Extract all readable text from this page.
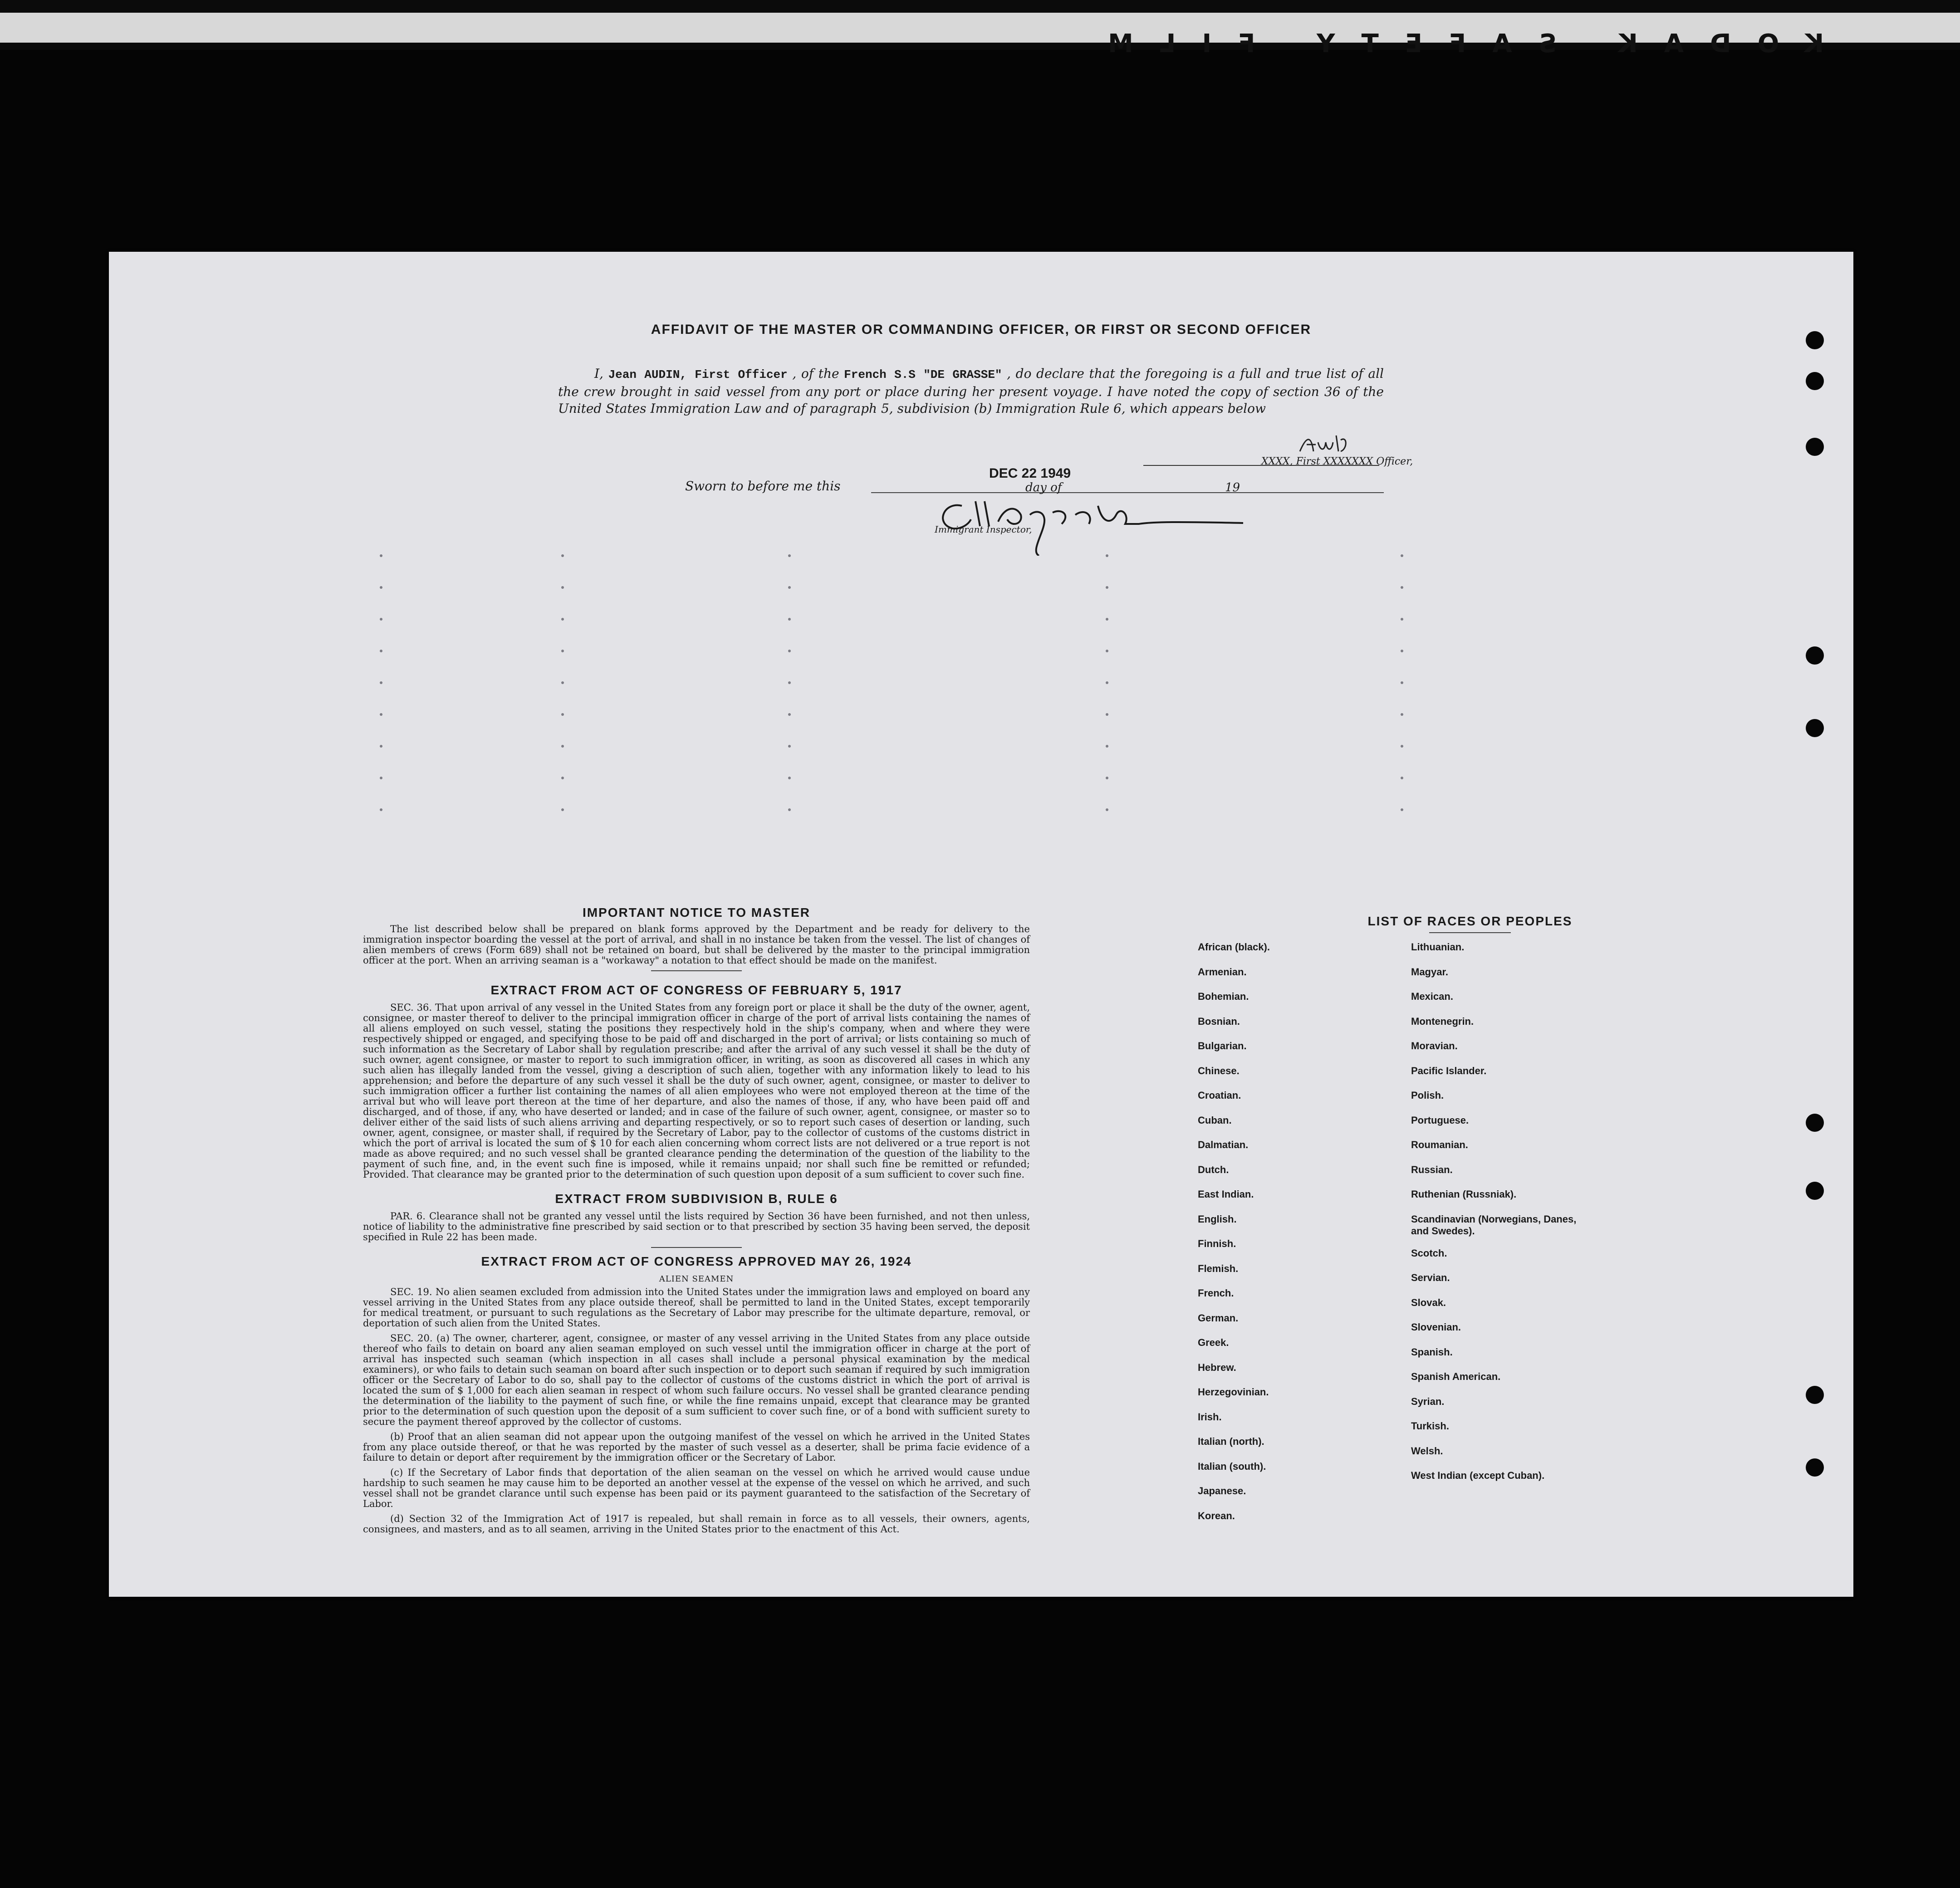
KODAK SAFETY FILM
AFFIDAVIT OF THE MASTER OR COMMANDING OFFICER, OR FIRST OR SECOND OFFICER
I, Jean AUDIN, First Officer , of the French S.S "DE GRASSE" , do declare that the foregoing is a full and true list of all the crew brought in said vessel from any port or place during her present voyage. I have noted the copy of section 36 of the United States Immigration Law and of paragraph 5, subdivision (b) Immigration Rule 6, which appears below
XXXX, First XXXXXXX Officer,
Sworn to before me this
DEC 22 1949
day of	19
Immigrant Inspector,
IMPORTANT NOTICE TO MASTER

The list described below shall be prepared on blank forms approved by the Department and be ready for delivery to the immigration inspector boarding the vessel at the port of arrival, and shall in no instance be taken from the vessel. The list of changes of alien members of crews (Form 689) shall not be retained on board, but shall be delivered by the master to the principal immigration officer at the port. When an arriving seaman is a "workaway" a notation to that effect should be made on the manifest.

EXTRACT FROM ACT OF CONGRESS OF FEBRUARY 5, 1917

SEC. 36. That upon arrival of any vessel in the United States from any foreign port or place it shall be the duty of the owner, agent, consignee, or master thereof to deliver to the principal immigration officer in charge of the port of arrival lists containing the names of all aliens employed on such vessel, stating the positions they respectively hold in the ship's company, when and where they were respectively shipped or engaged, and specifying those to be paid off and discharged in the port of arrival; or lists containing so much of such information as the Secretary of Labor shall by regulation prescribe; and after the arrival of any such vessel it shall be the duty of such owner, agent consignee, or master to report to such immigration officer, in writing, as soon as discovered all cases in which any such alien has illegally landed from the vessel, giving a description of such alien, together with any information likely to lead to his apprehension; and before the departure of any such vessel it shall be the duty of such owner, agent, consignee, or master to deliver to such immigration officer a further list containing the names of all alien employees who were not employed thereon at the time of the arrival but who will leave port thereon at the time of her departure, and also the names of those, if any, who have been paid off and discharged, and of those, if any, who have deserted or landed; and in case of the failure of such owner, agent, consignee, or master so to deliver either of the said lists of such aliens arriving and departing respectively, or so to report such cases of desertion or landing, such owner, agent, consignee, or master shall, if required by the Secretary of Labor, pay to the collector of customs of the customs district in which the port of arrival is located the sum of $ 10 for each alien concerning whom correct lists are not delivered or a true report is not made as above required; and no such vessel shall be granted clearance pending the determination of the question of the liability to the payment of such fine, and, in the event such fine is imposed, while it remains unpaid; nor shall such fine be remitted or refunded; Provided. That clearance may be granted prior to the determination of such question upon deposit of a sum sufficient to cover such fine.

EXTRACT FROM SUBDIVISION B, RULE 6

PAR. 6. Clearance shall not be granted any vessel until the lists required by Section 36 have been furnished, and not then unless, notice of liability to the administrative fine prescribed by said section or to that prescribed by section 35 having been served, the deposit specified in Rule 22 has been made.

EXTRACT FROM ACT OF CONGRESS APPROVED MAY 26, 1924
ALIEN SEAMEN

SEC. 19. No alien seamen excluded from admission into the United States under the immigration laws and employed on board any vessel arriving in the United States from any place outside thereof, shall be permitted to land in the United States, except temporarily for medical treatment, or pursuant to such regulations as the Secretary of Labor may prescribe for the ultimate departure, removal, or deportation of such alien from the United States.

SEC. 20. (a) The owner, charterer, agent, consignee, or master of any vessel arriving in the United States from any place outside thereof who fails to detain on board any alien seaman employed on such vessel until the immigration officer in charge at the port of arrival has inspected such seaman (which inspection in all cases shall include a personal physical examination by the medical examiners), or who fails to detain such seaman on board after such inspection or to deport such seaman if required by such immigration officer or the Secretary of Labor to do so, shall pay to the collector of customs of the customs district in which the port of arrival is located the sum of $ 1,000 for each alien seaman in respect of whom such failure occurs. No vessel shall be granted clearance pending the determination of the liability to the payment of such fine, or while the fine remains unpaid, except that clearance may be granted prior to the determination of such question upon the deposit of a sum sufficient to cover such fine, or of a bond with sufficient surety to secure the payment thereof approved by the collector of customs.

(b) Proof that an alien seaman did not appear upon the outgoing manifest of the vessel on which he arrived in the United States from any place outside thereof, or that he was reported by the master of such vessel as a deserter, shall be prima facie evidence of a failure to detain or deport after requirement by the immigration officer or the Secretary of Labor.

(c) If the Secretary of Labor finds that deportation of the alien seaman on the vessel on which he arrived would cause undue hardship to such seamen he may cause him to be deported an another vessel at the expense of the vessel on which he arrived, and such vessel shall not be grandet clarance until such expense has been paid or its payment guaranteed to the satisfaction of the Secretary of Labor.

(d) Section 32 of the Immigration Act of 1917 is repealed, but shall remain in force as to all vessels, their owners, agents, consignees, and masters, and as to all seamen, arriving in the United States prior to the enactment of this Act.

LIST OF RACES OR PEOPLES
African (black).
Armenian.
Bohemian.
Bosnian.
Bulgarian.
Chinese.
Croatian.
Cuban.
Dalmatian.
Dutch.
East Indian.
English.
Finnish.
Flemish.
French.
German.
Greek.
Hebrew.
Herzegovinian.
Irish.
Italian (north).
Italian (south).
Japanese.
Korean.
Lithuanian.
Magyar.
Mexican.
Montenegrin.
Moravian.
Pacific Islander.
Polish.
Portuguese.
Roumanian.
Russian.
Ruthenian (Russniak).
Scandinavian (Norwegians, Danes, and Swedes).
Scotch.
Servian.
Slovak.
Slovenian.
Spanish.
Spanish American.
Syrian.
Turkish.
Welsh.
West Indian (except Cuban).
